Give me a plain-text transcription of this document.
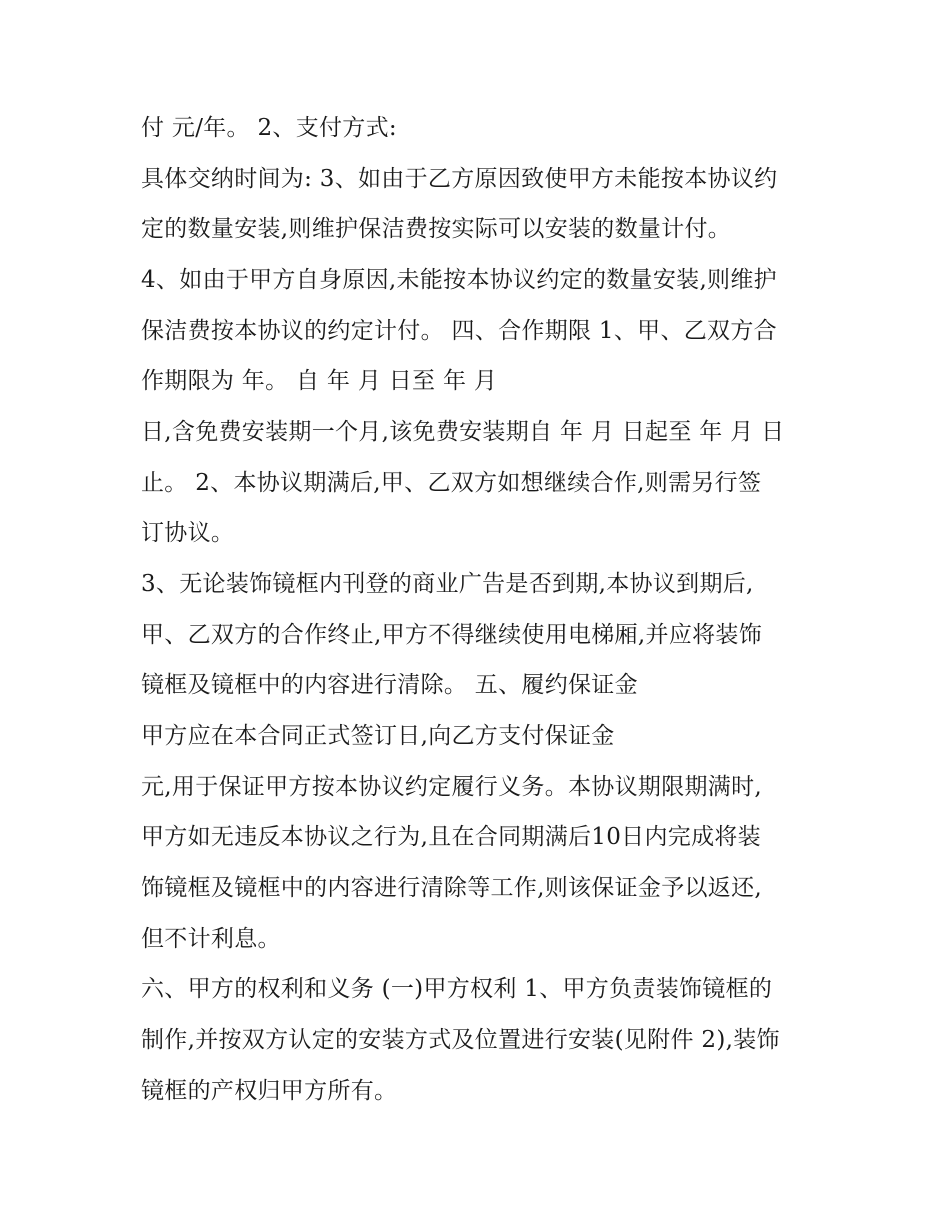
付 元/年。 2、支付方式:
具体交纳时间为: 3、如由于乙方原因致使甲方未能按本协议约
定的数量安装,则维护保洁费按实际可以安装的数量计付。
4、如由于甲方自身原因,未能按本协议约定的数量安装,则维护
保洁费按本协议的约定计付。 四、合作期限 1、甲、乙双方合
作期限为 年。 自 年 月 日至 年 月
日,含免费安装期一个月,该免费安装期自 年 月 日起至 年 月 日
止。 2、本协议期满后,甲、乙双方如想继续合作,则需另行签
订协议。
3、无论装饰镜框内刊登的商业广告是否到期,本协议到期后,
甲、乙双方的合作终止,甲方不得继续使用电梯厢,并应将装饰
镜框及镜框中的内容进行清除。 五、履约保证金
甲方应在本合同正式签订日,向乙方支付保证金
元,用于保证甲方按本协议约定履行义务。本协议期限期满时,
甲方如无违反本协议之行为,且在合同期满后10日内完成将装
饰镜框及镜框中的内容进行清除等工作,则该保证金予以返还,
但不计利息。
六、甲方的权利和义务 (一)甲方权利 1、甲方负责装饰镜框的
制作,并按双方认定的安装方式及位置进行安装(见附件 2),装饰
镜框的产权归甲方所有。
